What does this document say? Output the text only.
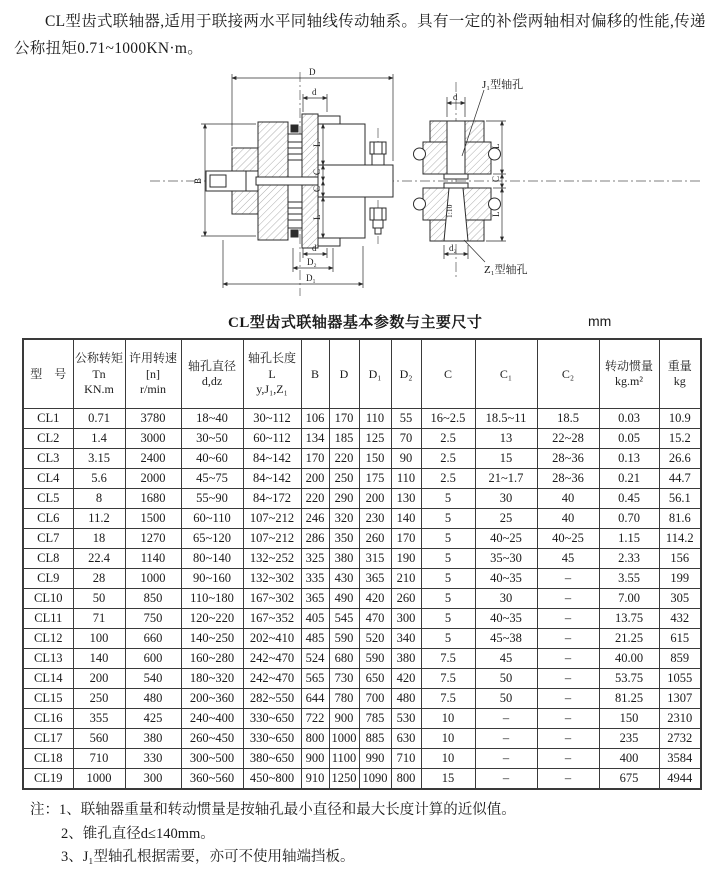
CL型齿式联轴器,适用于联接两水平同轴线传动轴系。具有一定的补偿两轴相对偏移的性能,传递公称扭矩0.71~1000KN·m。

D
d
B
L
C
C
L
d
D₂
D₁
d
L
C
L
d₂
1:10
J₁型轴孔
Z₁型轴孔
CL型齿式联轴器基本参数与主要尺寸	mm
型　号	公称转矩
Tn
KN.m	许用转速
[n]
r/min	轴孔直径
d,dz	轴孔长度
L
y,J₁,Z₁	B	D	D₁	D₂	C	C₁	C₂	转动惯量
kg.m²	重量
kg
CL1	0.71	3780	18~40	30~112	106	170	110	55	16~2.5	18.5~11	18.5	0.03	10.9
CL2	1.4	3000	30~50	60~112	134	185	125	70	2.5	13	22~28	0.05	15.2
CL3	3.15	2400	40~60	84~142	170	220	150	90	2.5	15	28~36	0.13	26.6
CL4	5.6	2000	45~75	84~142	200	250	175	110	2.5	21~1.7	28~36	0.21	44.7
CL5	8	1680	55~90	84~172	220	290	200	130	5	30	40	0.45	56.1
CL6	11.2	1500	60~110	107~212	246	320	230	140	5	25	40	0.70	81.6
CL7	18	1270	65~120	107~212	286	350	260	170	5	40~25	40~25	1.15	114.2
CL8	22.4	1140	80~140	132~252	325	380	315	190	5	35~30	45	2.33	156
CL9	28	1000	90~160	132~302	335	430	365	210	5	40~35	–	3.55	199
CL10	50	850	110~180	167~302	365	490	420	260	5	30	–	7.00	305
CL11	71	750	120~220	167~352	405	545	470	300	5	40~35	–	13.75	432
CL12	100	660	140~250	202~410	485	590	520	340	5	45~38	–	21.25	615
CL13	140	600	160~280	242~470	524	680	590	380	7.5	45	–	40.00	859
CL14	200	540	180~320	242~470	565	730	650	420	7.5	50	–	53.75	1055
CL15	250	480	200~360	282~550	644	780	700	480	7.5	50	–	81.25	1307
CL16	355	425	240~400	330~650	722	900	785	530	10	–	–	150	2310
CL17	560	380	260~450	330~650	800	1000	885	630	10	–	–	235	2732
CL18	710	330	300~500	380~650	900	1100	990	710	10	–	–	400	3584
CL19	1000	300	360~560	450~800	910	1250	1090	800	15	–	–	675	4944
注：1、联轴器重量和转动惯量是按轴孔最小直径和最大长度计算的近似值。
2、锥孔直径d≤140mm。
3、J₁型轴孔根据需要，亦可不使用轴端挡板。
